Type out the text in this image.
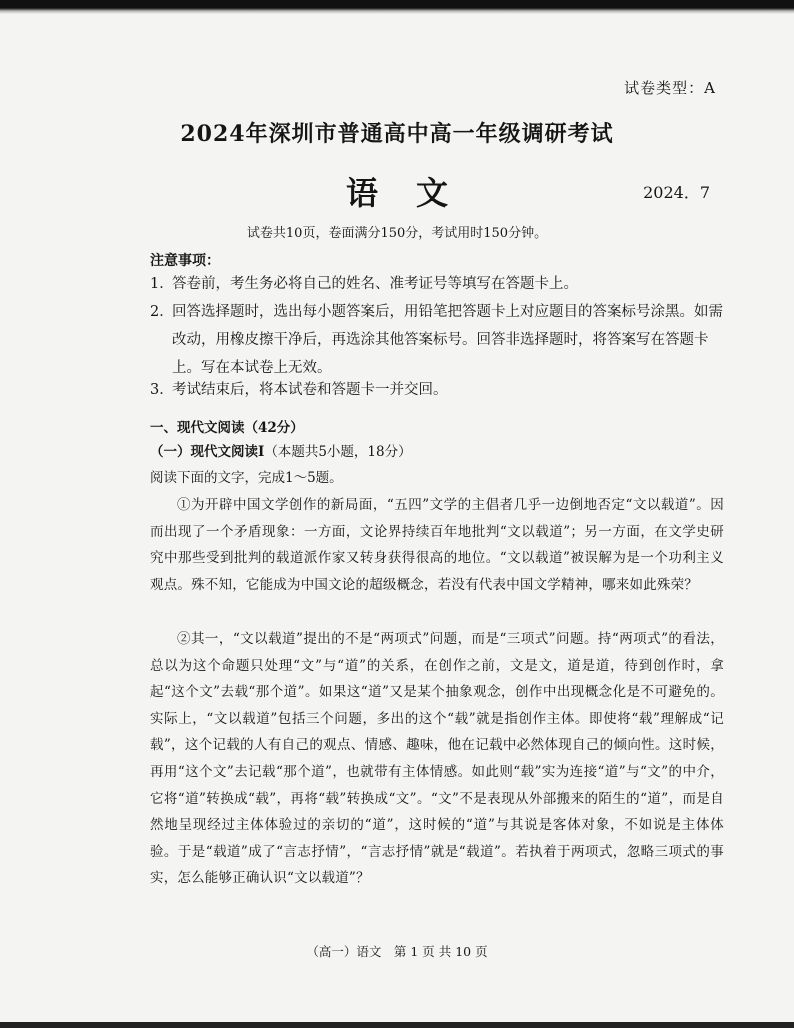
试卷类型：A
2024年深圳市普通高中高一年级调研考试
语文	2024．7
试卷共10页，卷面满分150分，考试用时150分钟。
注意事项：
1．
答卷前，考生务必将自己的姓名、准考证号等填写在答题卡上。
2．
回答选择题时，选出每小题答案后，用铅笔把答题卡上对应题目的答案标号涂黑。如需改动，用橡皮擦干净后，再选涂其他答案标号。回答非选择题时，将答案写在答题卡上。写在本试卷上无效。
3．
考试结束后，将本试卷和答题卡一并交回。
一、现代文阅读（42分）
（一）现代文阅读Ⅰ（本题共5小题，18分）
阅读下面的文字，完成1～5题。
①为开辟中国文学创作的新局面，“五四”文学的主倡者几乎一边倒地否定“文以载道”。因而出现了一个矛盾现象：一方面，文论界持续百年地批判“文以载道”；另一方面，在文学史研究中那些受到批判的载道派作家又转身获得很高的地位。“文以载道”被误解为是一个功利主义观点。殊不知，它能成为中国文论的超级概念，若没有代表中国文学精神，哪来如此殊荣？
②其一，“文以载道”提出的不是“两项式”问题，而是“三项式”问题。持“两项式”的看法，总以为这个命题只处理“文”与“道”的关系，在创作之前，文是文，道是道，待到创作时，拿起“这个文”去载“那个道”。如果这“道”又是某个抽象观念，创作中出现概念化是不可避免的。实际上，“文以载道”包括三个问题，多出的这个“载”就是指创作主体。即使将“载”理解成“记载”，这个记载的人有自己的观点、情感、趣味，他在记载中必然体现自己的倾向性。这时候，再用“这个文”去记载“那个道”，也就带有主体情感。如此则“载”实为连接“道”与“文”的中介，它将“道”转换成“载”，再将“载”转换成“文”。“文”不是表现从外部搬来的陌生的“道”，而是自然地呈现经过主体体验过的亲切的“道”，这时候的“道”与其说是客体对象，不如说是主体体验。于是“载道”成了“言志抒情”，“言志抒情”就是“载道”。若执着于两项式，忽略三项式的事实，怎么能够正确认识“文以载道”？
（高一）语文　第 1 页 共 10 页
